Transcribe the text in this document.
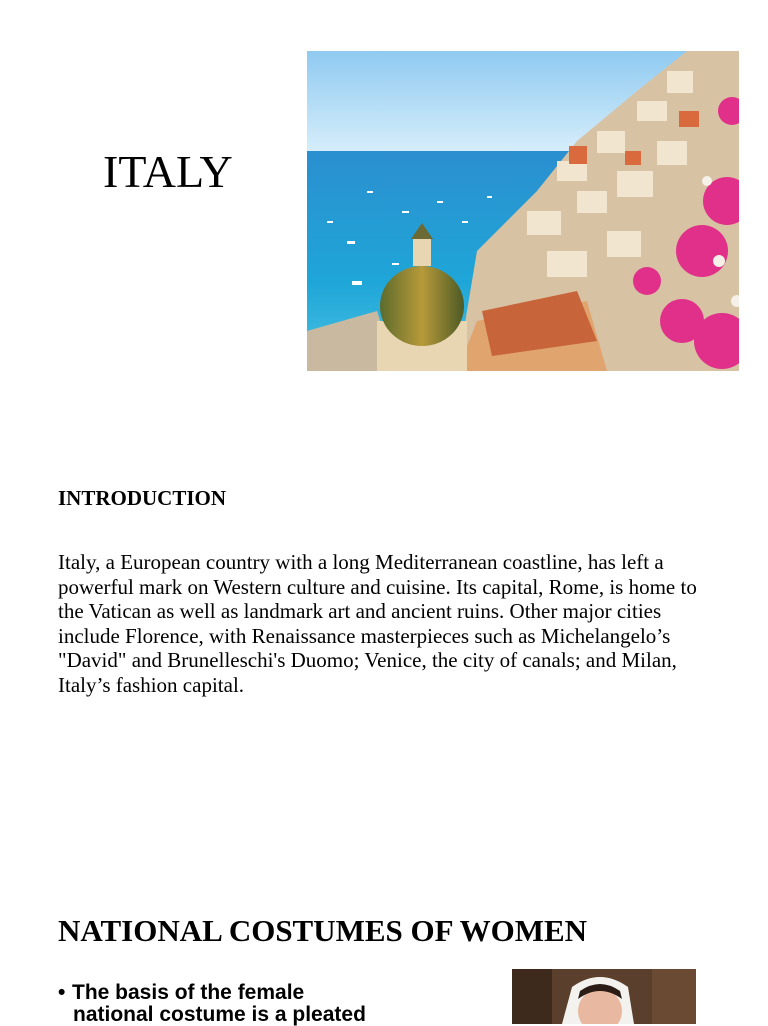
ITALY
INTRODUCTION

Italy, a European country with a long Mediterranean coastline, has left a powerful mark on Western culture and cuisine. Its capital, Rome, is home to the Vatican as well as landmark art and ancient ruins. Other major cities include Florence, with Renaissance masterpieces such as Michelangelo’s "David" and Brunelleschi's Duomo; Venice, the city of canals; and Milan, Italy’s fashion capital.

NATIONAL COSTUMES OF WOMEN
• The basis of the female
national costume is a pleated
